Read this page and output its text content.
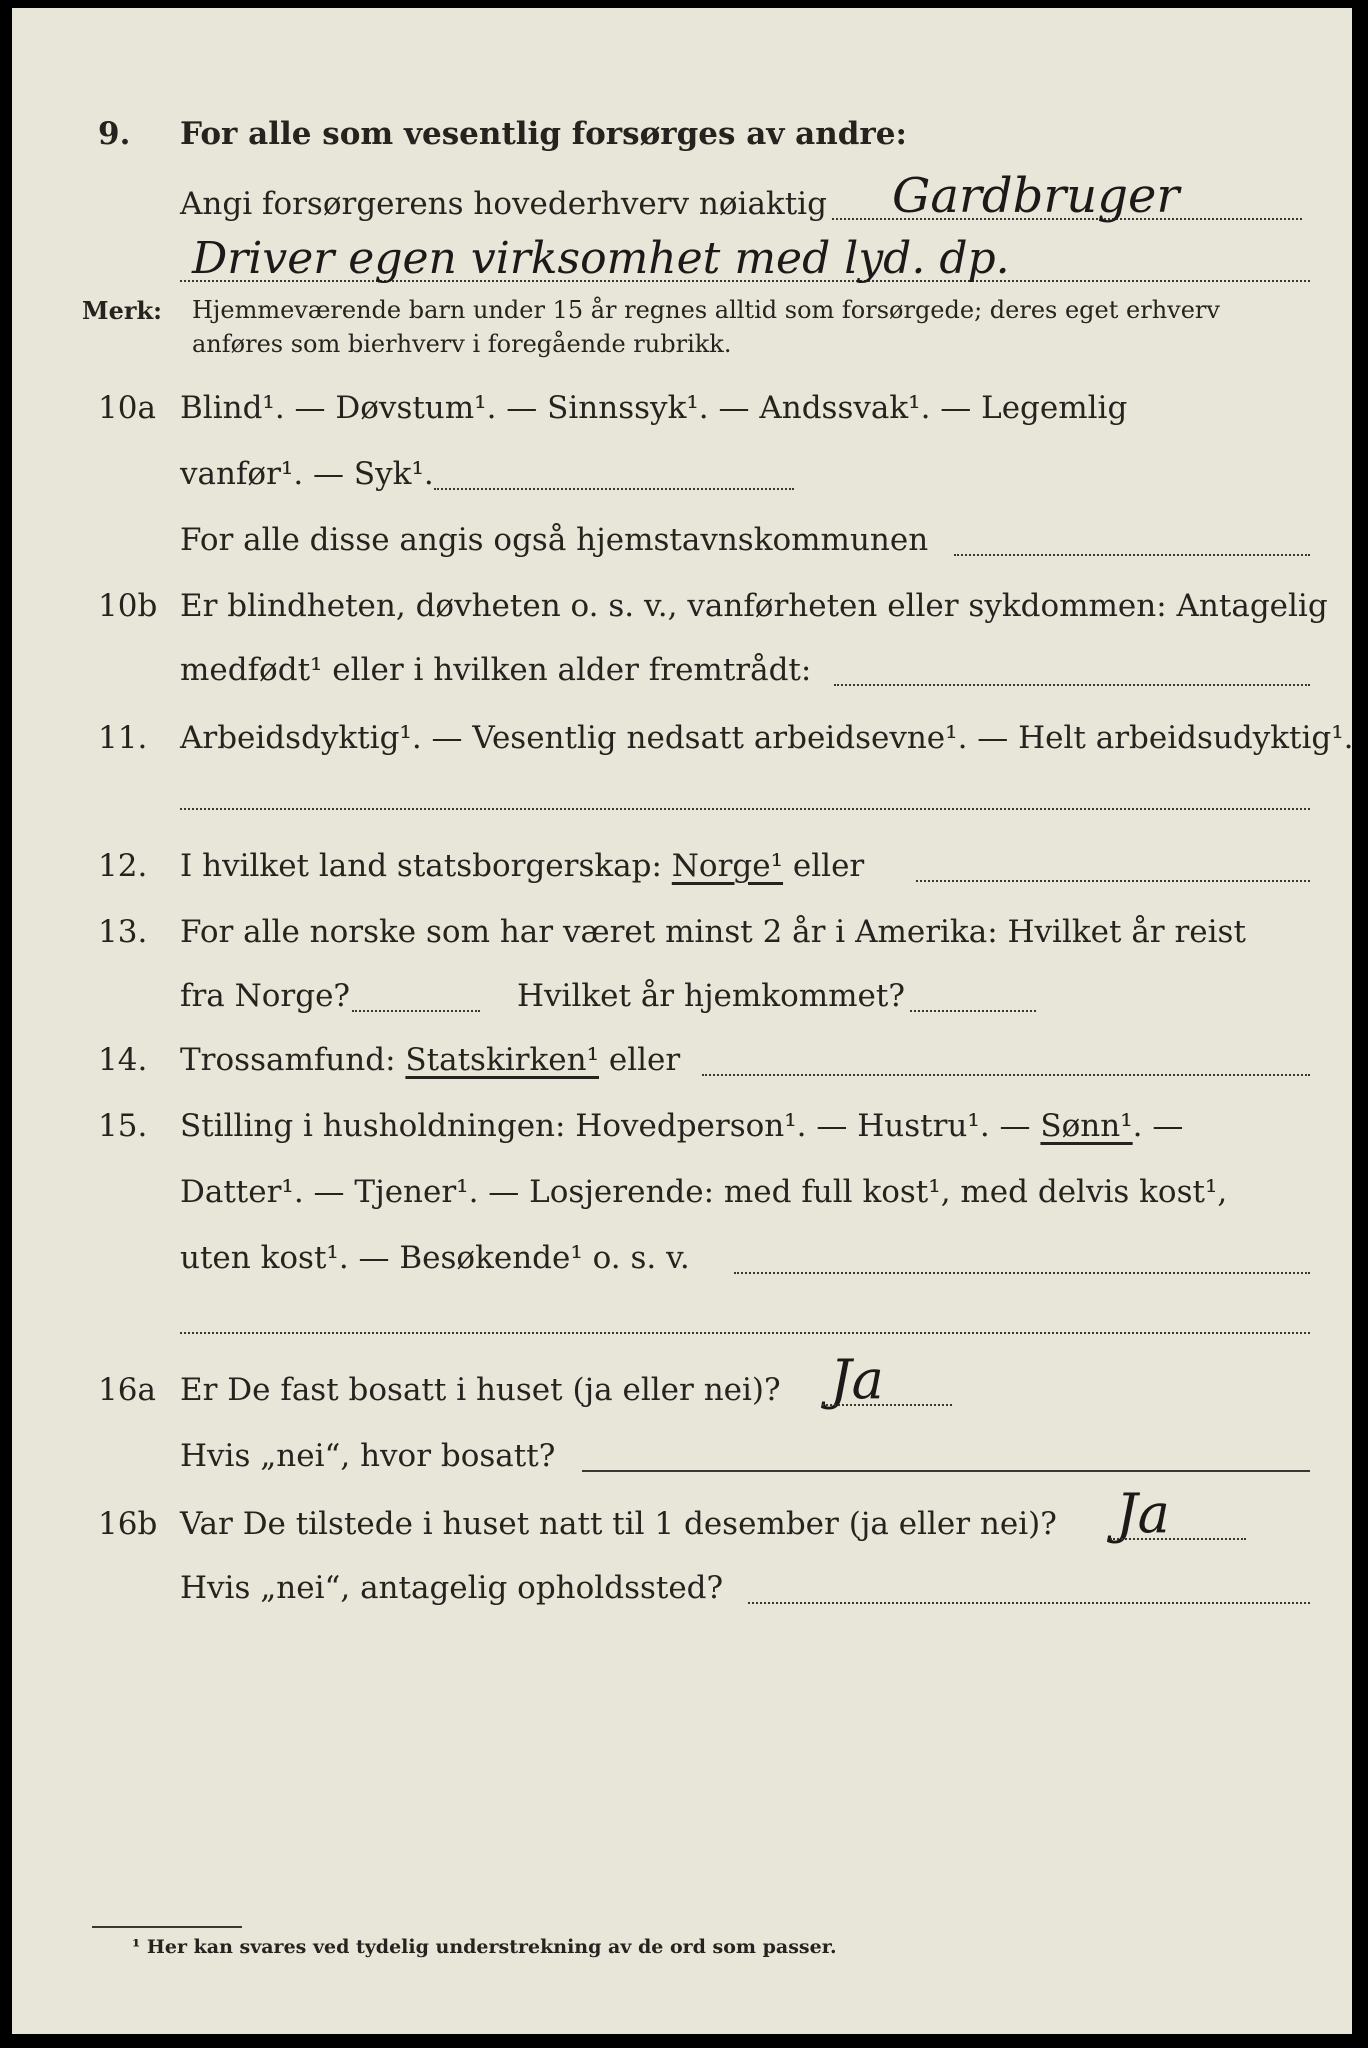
9. For alle som vesentlig forsørges av andre:
Angi forsørgerens hovederhverv nøiaktig Gardbruger
Driver egen virksomhet med lyd. dp.
Merk: Hjemmeværende barn under 15 år regnes alltid som forsørgede; deres eget erhverv
anføres som bierhverv i foregående rubrikk.
10a Blind¹. — Døvstum¹. — Sinnssyk¹. — Andssvak¹. — Legemlig
vanfør¹. — Syk¹.
For alle disse angis også hjemstavnskommunen
10b Er blindheten, døvheten o. s. v., vanførheten eller sykdommen: Antagelig
medfødt¹ eller i hvilken alder fremtrådt:
11. Arbeidsdyktig¹. — Vesentlig nedsatt arbeidsevne¹. — Helt arbeidsudyktig¹.
12. I hvilket land statsborgerskap: Norge¹ eller
13. For alle norske som har været minst 2 år i Amerika: Hvilket år reist
fra Norge?	Hvilket år hjemkommet?
14. Trossamfund: Statskirken¹ eller
15. Stilling i husholdningen: Hovedperson¹. — Hustru¹. — Sønn¹. —
Datter¹. — Tjener¹. — Losjerende: med full kost¹, med delvis kost¹,
uten kost¹. — Besøkende¹ o. s. v.
16a Er De fast bosatt i huset (ja eller nei)? Ja
Hvis „nei“, hvor bosatt?
16b Var De tilstede i huset natt til 1 desember (ja eller nei)? Ja
Hvis „nei“, antagelig opholdssted?
¹ Her kan svares ved tydelig understrekning av de ord som passer.
